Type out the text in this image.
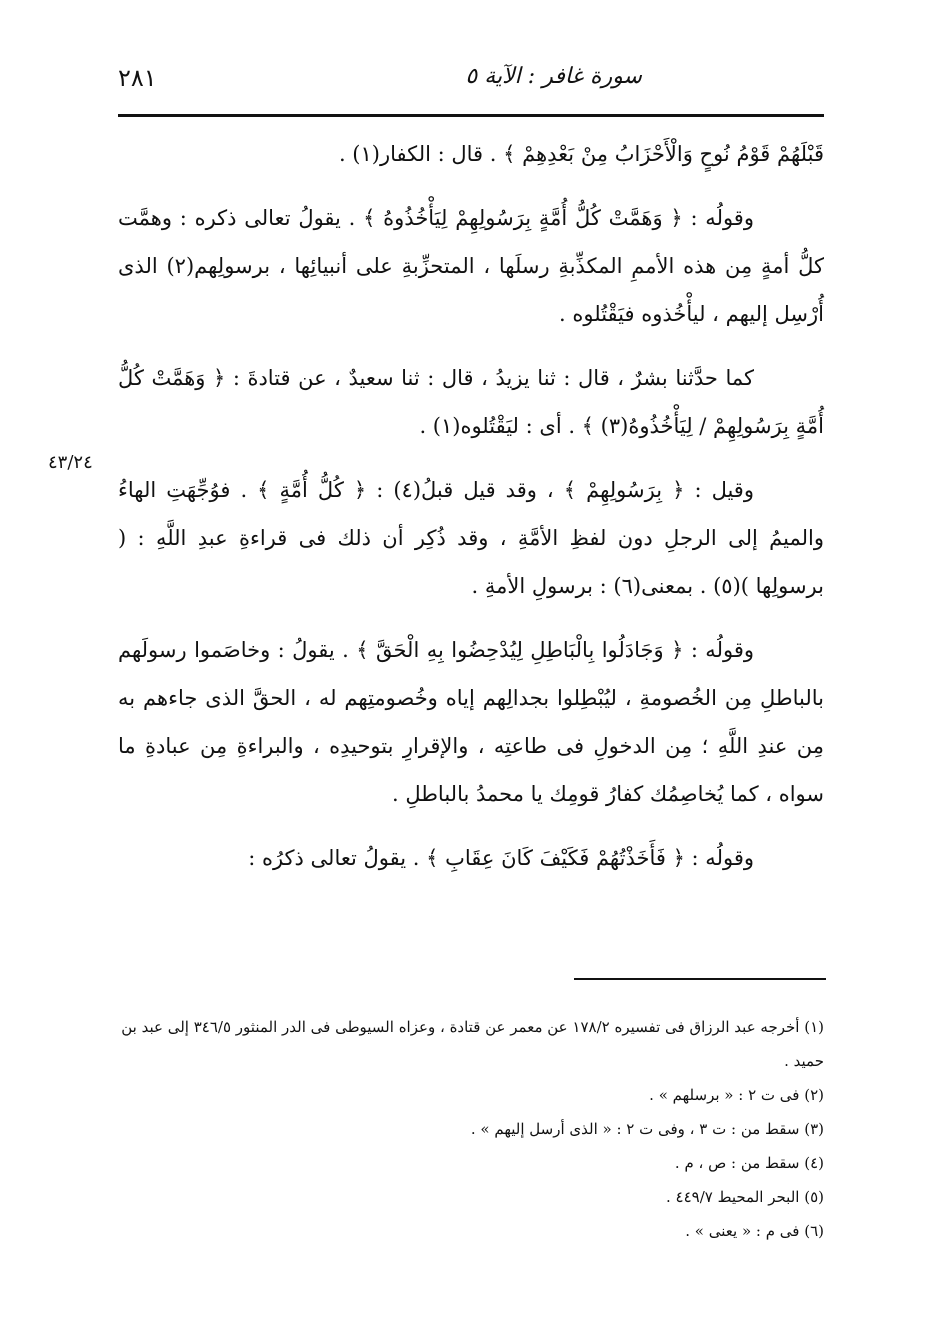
٢٨١	سورة غافر : الآية ٥
٤٣/٢٤

قَبْلَهُمْ قَوْمُ نُوحٍ وَالْأَحْزَابُ مِنْ بَعْدِهِمْ ﴾ . قال : الكفار(١) .

وقولُه : ﴿ وَهَمَّتْ كُلُّ أُمَّةٍ بِرَسُولِهِمْ لِيَأْخُذُوهُ ﴾ . يقولُ تعالى ذكره : وهمَّت كلُّ أمةٍ مِن هذه الأممِ المكذِّبةِ رسلَها ، المتحزِّبةِ على أنبيائِها ، برسولِهم(٢) الذى أُرْسِل إليهم ، ليأْخُذوه فيَقْتُلوه .

كما حدَّثنا بشرٌ ، قال : ثنا يزيدُ ، قال : ثنا سعيدٌ ، عن قتادةَ : ﴿ وَهَمَّتْ كُلُّ أُمَّةٍ بِرَسُولِهِمْ / لِيَأْخُذُوهُ(٣) ﴾ . أى : ليَقْتُلوه(١) .

وقيل : ﴿ بِرَسُولِهِمْ ﴾ ، وقد قيل قبلُ(٤) : ﴿ كُلُّ أُمَّةٍ ﴾ . فوُجِّهَتِ الهاءُ والميمُ إلى الرجلِ دون لفظِ الأمَّةِ ، وقد ذُكِر أن ذلك فى قراءةِ عبدِ اللَّهِ : ( برسولِها )(٥) . بمعنى(٦) : برسولِ الأمةِ .

وقولُه : ﴿ وَجَادَلُوا بِالْبَاطِلِ لِيُدْحِضُوا بِهِ الْحَقَّ ﴾ . يقولُ : وخاصَموا رسولَهم بالباطلِ مِن الخُصومةِ ، ليُبْطِلوا بجدالِهم إياه وخُصومتِهم له ، الحقَّ الذى جاءهم به مِن عندِ اللَّهِ ؛ مِن الدخولِ فى طاعتِه ، والإقرارِ بتوحيدِه ، والبراءةِ مِن عبادةِ ما سواه ، كما يُخاصِمُك كفارُ قومِك يا محمدُ بالباطلِ .

وقولُه : ﴿ فَأَخَذْتُهُمْ فَكَيْفَ كَانَ عِقَابِ ﴾ . يقولُ تعالى ذكرُه :

(١) أخرجه عبد الرزاق فى تفسيره ١٧٨/٢ عن معمر عن قتادة ، وعزاه السيوطى فى الدر المنثور ٣٤٦/٥ إلى عبد بن حميد .
(٢) فى ت ٢ : « برسلهم » .
(٣) سقط من : ت ٣ ، وفى ت ٢ : « الذى أرسل إليهم » .
(٤) سقط من : ص ، م .
(٥) البحر المحيط ٤٤٩/٧ .
(٦) فى م : « يعنى » .
